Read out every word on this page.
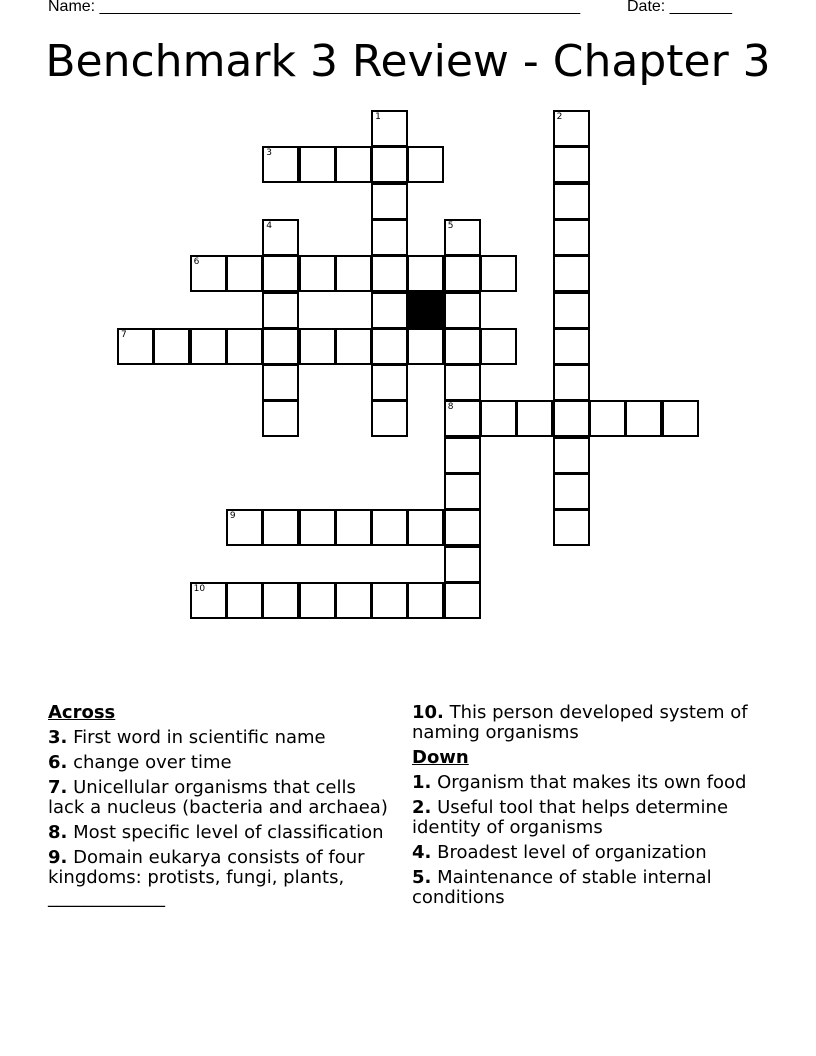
Name: ______________________________________________________	Date: _______
Benchmark 3 Review - Chapter 3
1	2
3
4	5
8
6
7
9
10
Across
3. First word in scientific name
6. change over time
7. Unicellular organisms that cells lack a nucleus (bacteria and archaea)
8. Most specific level of classification
9. Domain eukarya consists of four kingdoms: protists, fungi, plants, _____________
10. This person developed system of naming organisms
Down
1. Organism that makes its own food
2. Useful tool that helps determine identity of organisms
4. Broadest level of organization
5. Maintenance of stable internal conditions
